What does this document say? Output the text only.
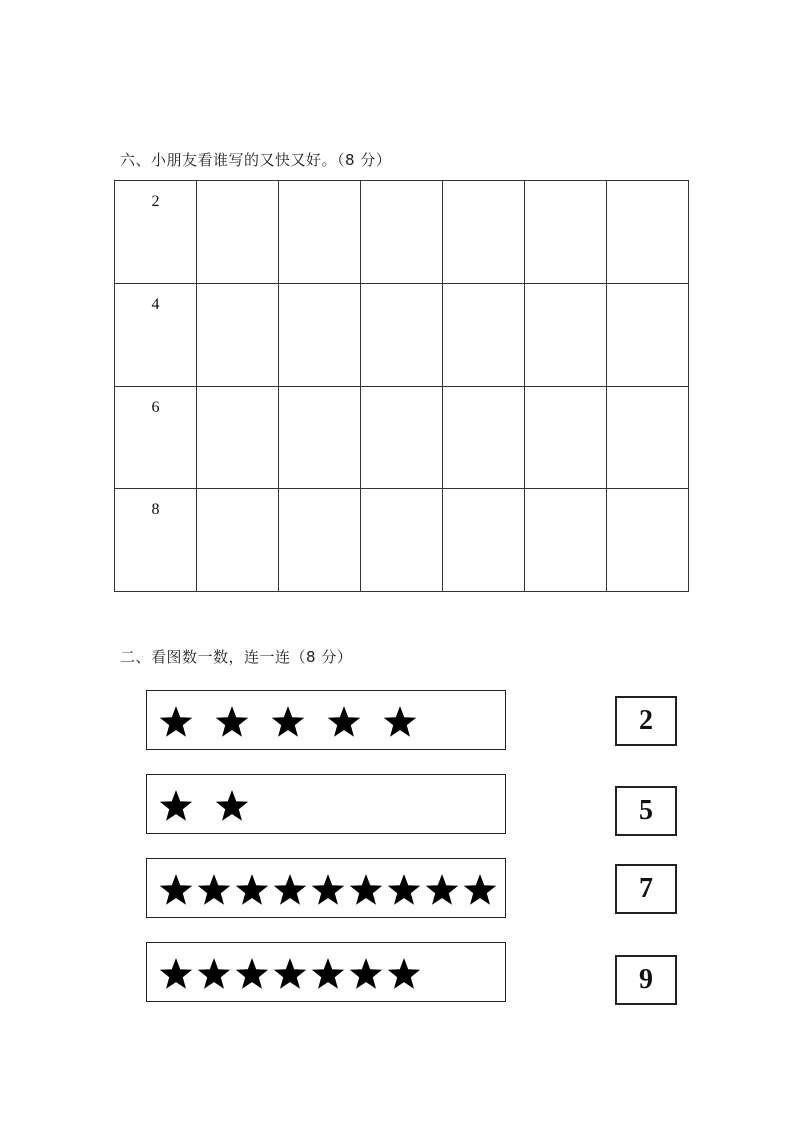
六、小朋友看谁写的又快又好。（8 分）
2						

4						

6						

8						

二、看图数一数，连一连（8 分）
2
5
7
9
